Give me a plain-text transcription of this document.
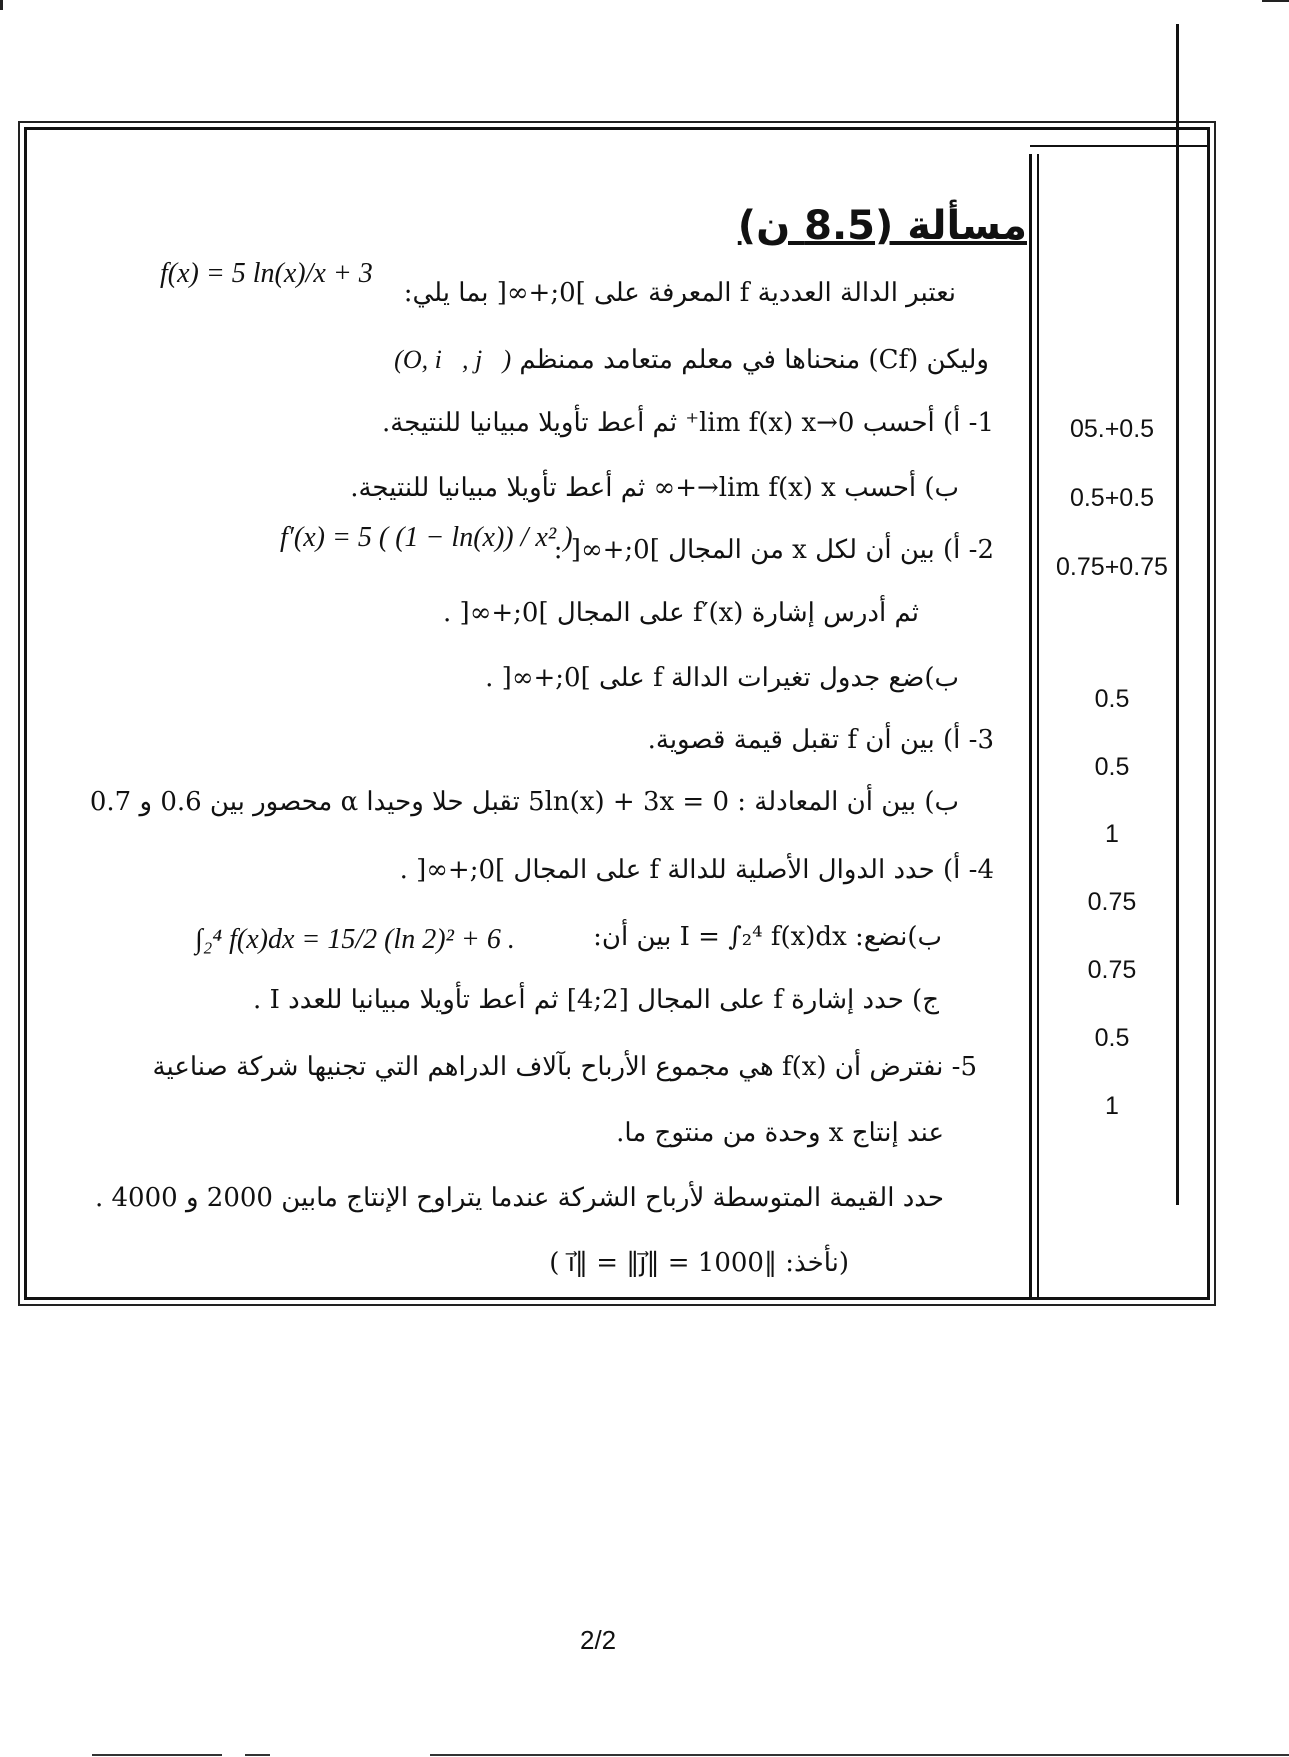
مسألة (8.5 ن)
نعتبر الدالة العددية f المعرفة على ]0;+∞[ بما يلي:
f(x) = 5 ln(x)/x + 3
وليكن (Cf) منحناها في معلم متعامد ممنظم (O, i⃗, j⃗)
1- أ) أحسب lim f(x) x→0⁺ ثم أعط تأويلا مبيانيا للنتيجة.
ب) أحسب lim f(x) x→+∞ ثم أعط تأويلا مبيانيا للنتيجة.
2- أ) بين أن لكل x من المجال ]0;+∞[ :
f′(x) = 5 ( (1 − ln(x)) / x² )
ثم أدرس إشارة f′(x) على المجال ]0;+∞[ .
ب)ضع جدول تغيرات الدالة f على ]0;+∞[ .
3- أ) بين أن f تقبل قيمة قصوية.
ب) بين أن المعادلة : 5ln(x) + 3x = 0 تقبل حلا وحيدا α محصور بين 0.6 و 0.7
4- أ) حدد الدوال الأصلية للدالة f على المجال ]0;+∞[ .
ب)نضع: I = ∫₂⁴ f(x)dx بين أن:
∫₂⁴ f(x)dx = 15/2 (ln 2)² + 6 .
ج) حدد إشارة f على المجال [2;4] ثم أعط تأويلا مبيانيا للعدد I .
5- نفترض أن f(x) هي مجموع الأرباح بآلاف الدراهم التي تجنيها شركة صناعية
عند إنتاج x وحدة من منتوج ما.
حدد القيمة المتوسطة لأرباح الشركة عندما يتراوح الإنتاج مابين 2000 و 4000 .
(نأخذ: ‖i⃗‖ = ‖j⃗‖ = 1000 )
05.+0.5
0.5+0.5
0.75+0.75
0.5
0.5
1
0.75
0.75
0.5
1
2/2
